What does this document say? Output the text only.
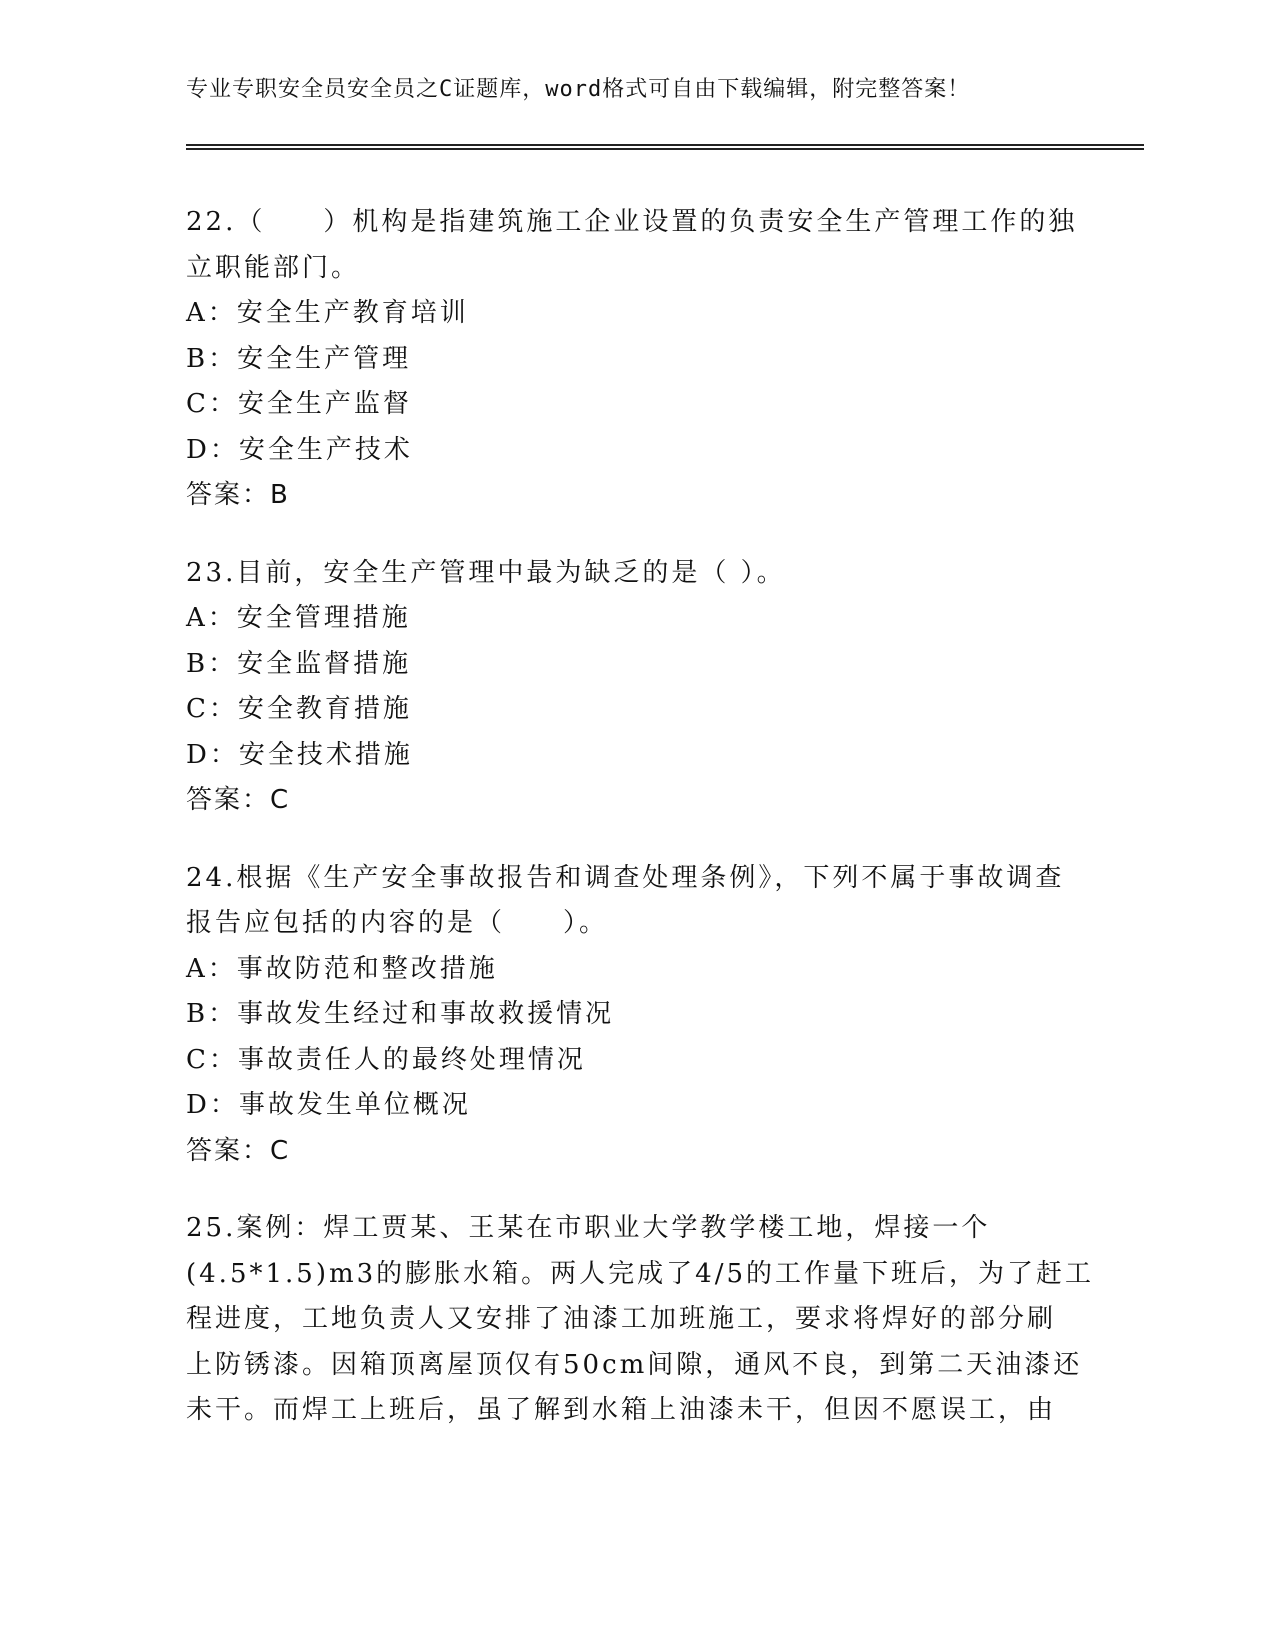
专业专职安全员安全员之C证题库，word格式可自由下载编辑，附完整答案！
22.（　　）机构是指建筑施工企业设置的负责安全生产管理工作的独
立职能部门。
A：安全生产教育培训
B：安全生产管理
C：安全生产监督
D：安全生产技术
答案：B
23.目前，安全生产管理中最为缺乏的是（ ）。
A：安全管理措施
B：安全监督措施
C：安全教育措施
D：安全技术措施
答案：C
24.根据《生产安全事故报告和调查处理条例》，下列不属于事故调查
报告应包括的内容的是（　　）。
A：事故防范和整改措施
B：事故发生经过和事故救援情况
C：事故责任人的最终处理情况
D：事故发生单位概况
答案：C
25.案例：焊工贾某、王某在市职业大学教学楼工地，焊接一个
(4.5*1.5)m3的膨胀水箱。两人完成了4/5的工作量下班后，为了赶工
程进度，工地负责人又安排了油漆工加班施工，要求将焊好的部分刷
上防锈漆。因箱顶离屋顶仅有50cm间隙，通风不良，到第二天油漆还
未干。而焊工上班后，虽了解到水箱上油漆未干，但因不愿误工，由
